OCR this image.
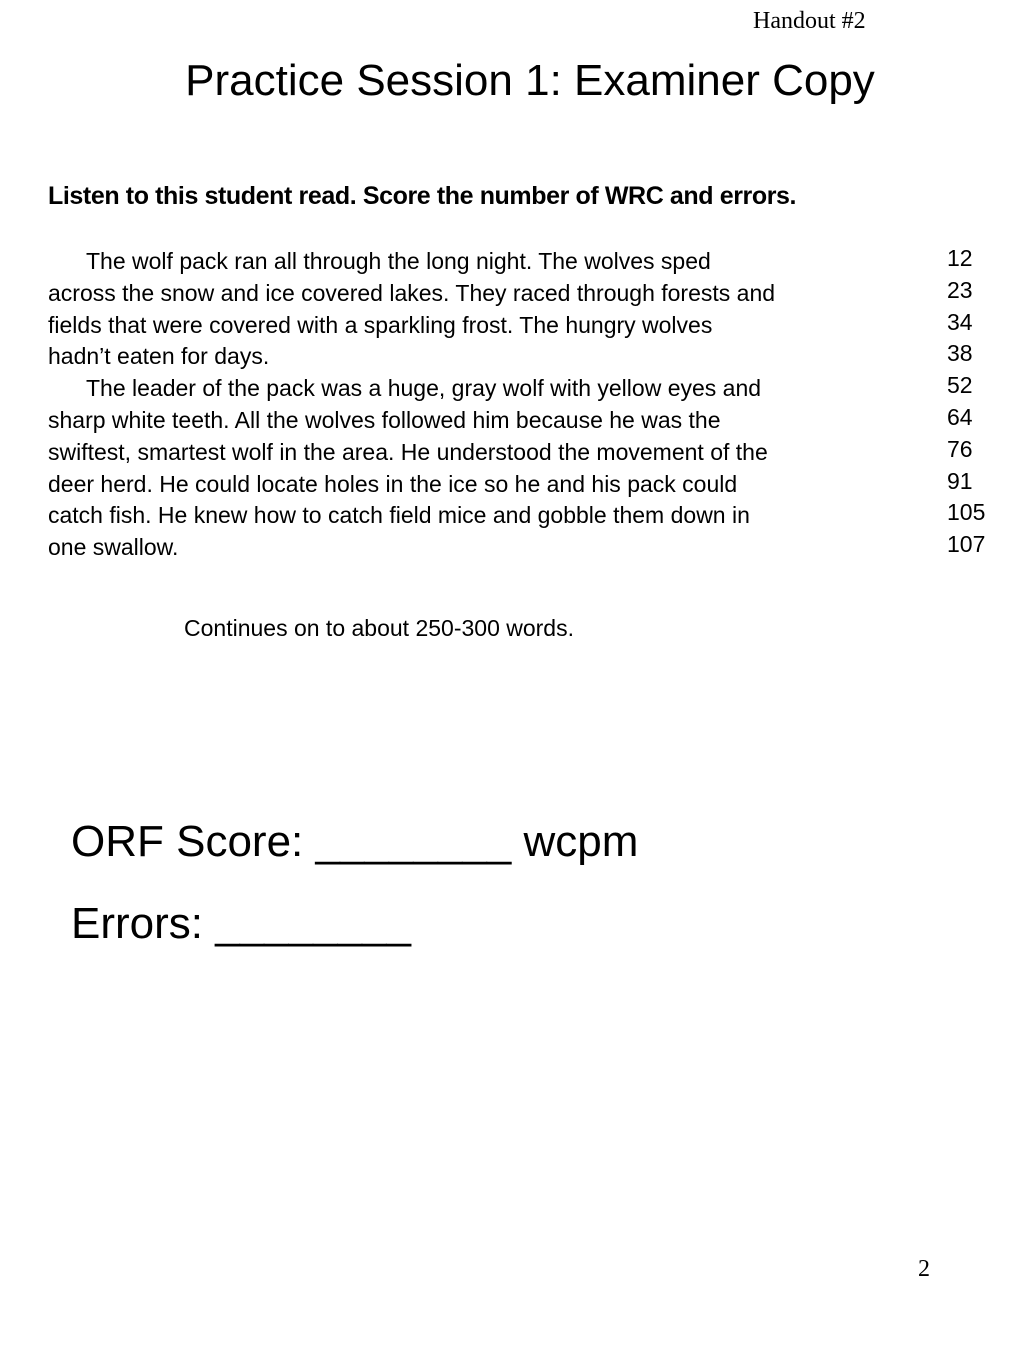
Handout #2
Practice Session 1: Examiner Copy

Listen to this student read. Score the number of WRC and errors.

The wolf pack ran all through the long night. The wolves sped
across the snow and ice covered lakes. They raced through forests and
fields that were covered with a sparkling frost. The hungry wolves
hadn’t eaten for days.
The leader of the pack was a huge, gray wolf with yellow eyes and
sharp white teeth. All the wolves followed him because he was the
swiftest, smartest wolf in the area. He understood the movement of the
deer herd. He could locate holes in the ice so he and his pack could
catch fish. He knew how to catch field mice and gobble them down in
one swallow.
12
23
34
38
52
64
76
91
105
107
Continues on to about 250-300 words.
ORF Score: ________ wcpm
Errors: ________
2
